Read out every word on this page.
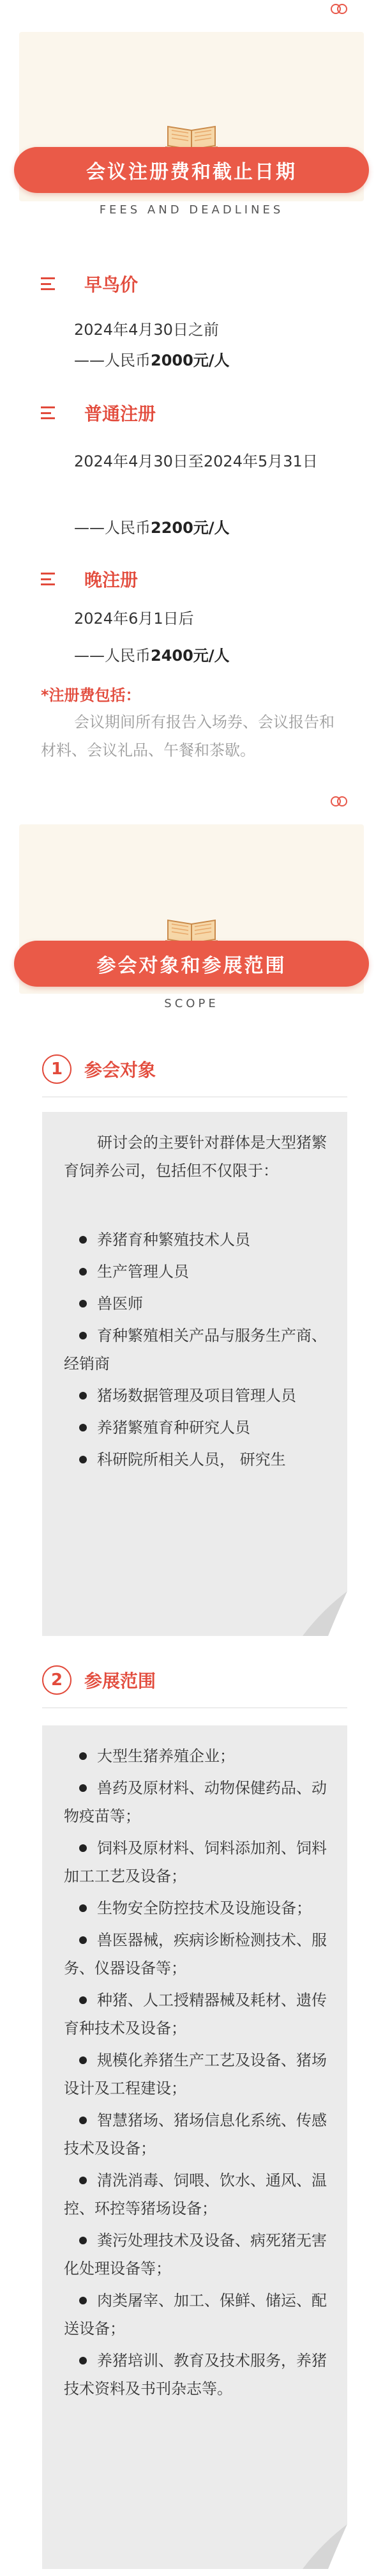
会议注册费和截止日期
FEES AND DEADLINES
早鸟价
2024年4月30日之前
——人民币2000元/人
普通注册
2024年4月30日至2024年5月31日
——人民币2200元/人
晚注册
2024年6月1日后
——人民币2400元/人
*注册费包括：
会议期间所有报告入场券、会议报告和材料、会议礼品、午餐和茶歇。
参会对象和参展范围
SCOPE
1	参会对象
研讨会的主要针对群体是大型猪繁育饲养公司，包括但不仅限于：
养猪育种繁殖技术人员
生产管理人员
兽医师
育种繁殖相关产品与服务生产商、经销商
猪场数据管理及项目管理人员
养猪繁殖育种研究人员
科研院所相关人员， 研究生
2	参展范围
大型生猪养殖企业；
兽药及原材料、动物保健药品、动物疫苗等；
饲料及原材料、饲料添加剂、饲料加工工艺及设备；
生物安全防控技术及设施设备；
兽医器械，疾病诊断检测技术、服务、仪器设备等；
种猪、人工授精器械及耗材、遗传育种技术及设备；
规模化养猪生产工艺及设备、猪场设计及工程建设；
智慧猪场、猪场信息化系统、传感技术及设备；
清洗消毒、饲喂、饮水、通风、温控、环控等猪场设备；
粪污处理技术及设备、病死猪无害化处理设备等；
肉类屠宰、加工、保鲜、储运、配送设备；
养猪培训、教育及技术服务，养猪技术资料及书刊杂志等。
